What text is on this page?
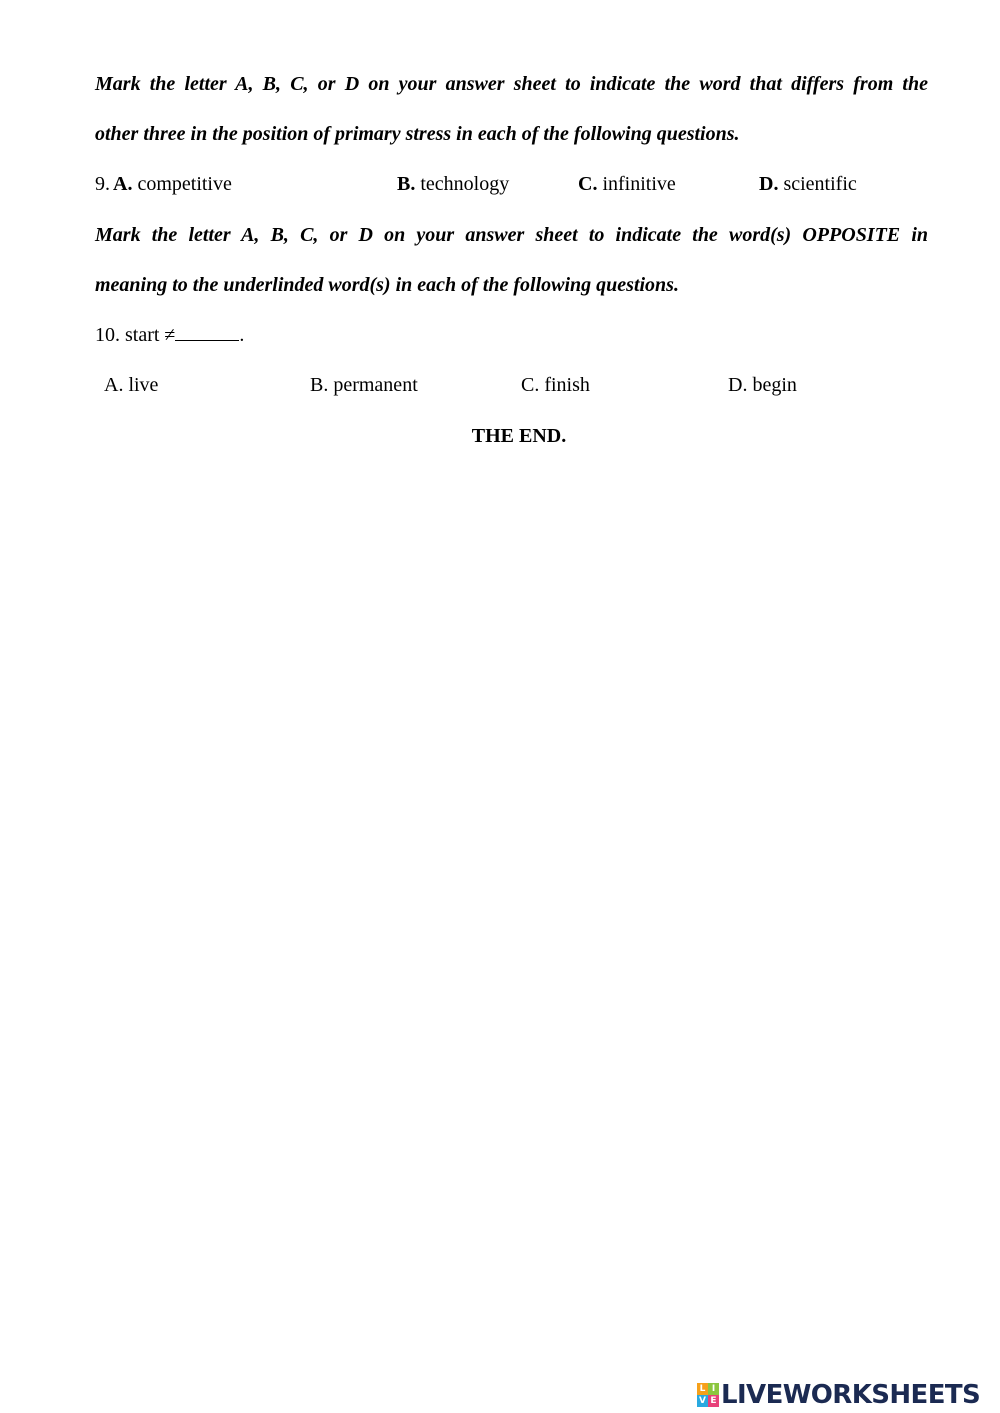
Mark the letter A, B, C, or D on your answer sheet to indicate the word that differs from the
other three in the position of primary stress in each of the following questions.
9. A. competitive	B. technology	C. infinitive	D. scientific
Mark the letter A, B, C, or D on your answer sheet to indicate the word(s) OPPOSITE in
meaning to the underlinded word(s) in each of the following questions.
10. start ≠	.
A. live	B. permanent	C. finish	D. begin
THE END.
L I
V E LIVEWORKSHEETS
